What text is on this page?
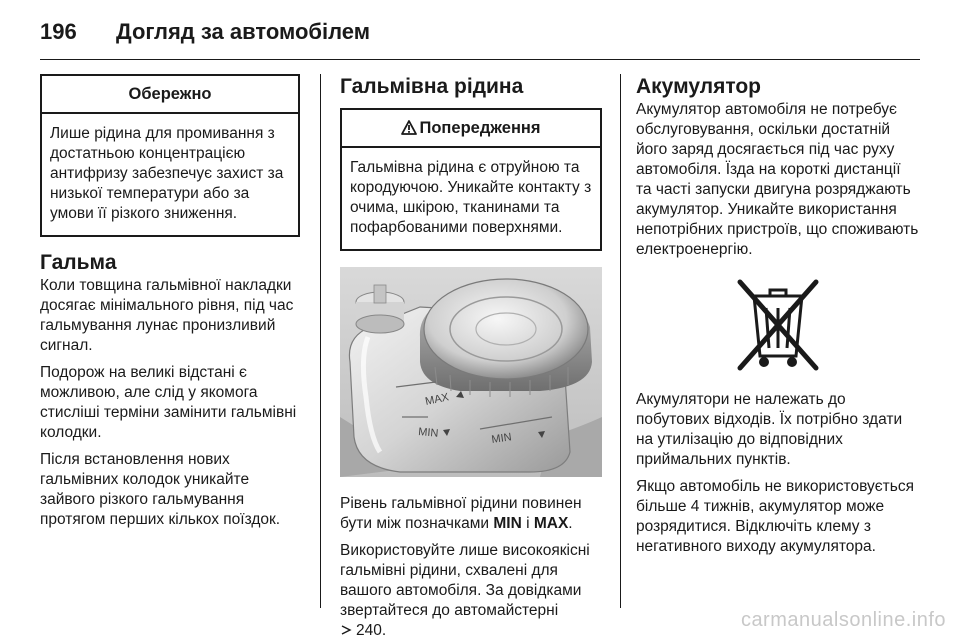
196	Догляд за автомобілем
Обережно
Лише рідина для промивання з достатньою концентрацією антифризу забезпечує захист за низької температури або за умови її різкого зниження.
Гальма

Коли товщина гальмівної накладки досягає мінімального рівня, під час гальмування лунає пронизливий сигнал.

Подорож на великі відстані є можливою, але слід у якомога стисліші терміни замінити гальмівні колодки.

Після встановлення нових гальмівних колодок уникайте зайвого різкого гальмування протягом перших кількох поїздок.

Гальмівна рідина
Попередження
Гальмівна рідина є отруйною та кородуючою. Уникайте контакту з очима, шкірою, тканинами та пофарбованими поверхнями.
MAX
MIN	MIN

Рівень гальмівної рідини повинен бути між позначками MIN і MAX.

Використовуйте лише високоякісні гальмівні рідини, схвалені для вашого автомобіля. За довідками звертайтеся до автомайстерні

240.

Акумулятор

Акумулятор автомобіля не потребує обслуговування, оскільки достатній його заряд досягається під час руху автомобіля. Їзда на короткі дистанції та часті запуски двигуна розряджають акумулятор. Уникайте використання непотрібних пристроїв, що споживають електроенергію.

Акумулятори не належать до побутових відходів. Їх потрібно здати на утилізацію до відповідних приймальних пунктів.

Якщо автомобіль не використовується більше 4 тижнів, акумулятор може розрядитися. Відключіть клему з негативного виходу акумулятора.

carmanualsonline.info
